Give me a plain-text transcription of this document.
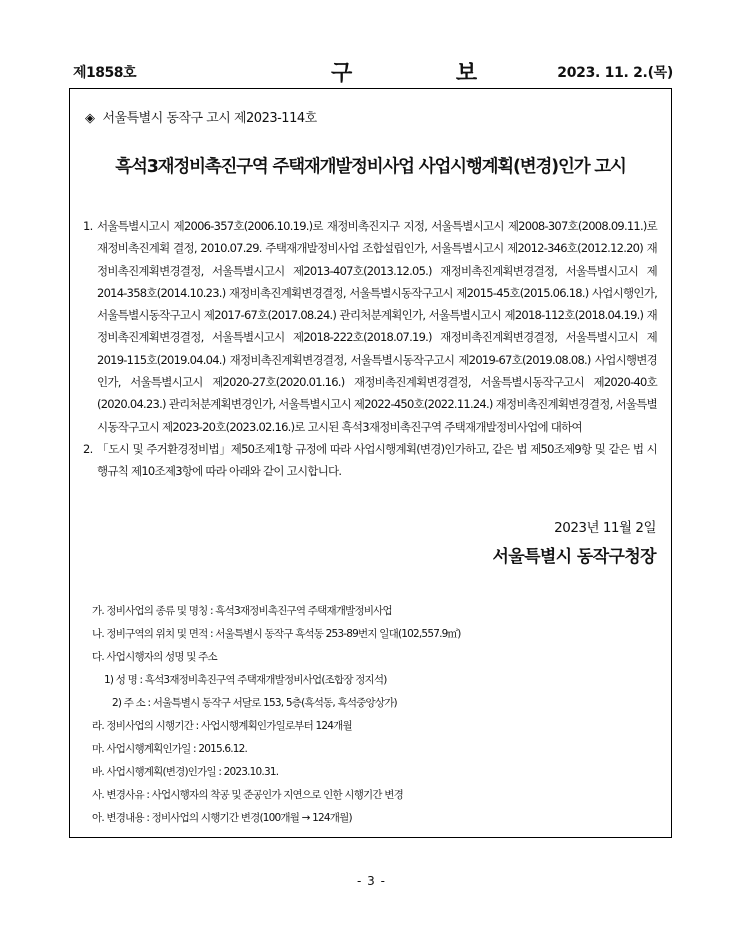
제1858호	구 보 2023. 11. 2.(목)
◈ 서울특별시 동작구 고시 제2023-114호
흑석3재정비촉진구역 주택재개발정비사업 사업시행계획(변경)인가 고시
1. 서울특별시고시 제2006-357호(2006.10.19.)로 재정비촉진지구 지정, 서울특별시고시 제2008-307호(2008.09.11.)로 재정비촉진계획 결정, 2010.07.29. 주택재개발정비사업 조합설립인가, 서울특별시고시 제2012-346호(2012.12.20) 재정비촉진계획변경결정, 서울특별시고시 제2013-407호(2013.12.05.) 재정비촉진계획변경결정, 서울특별시고시 제2014-358호(2014.10.23.) 재정비촉진계획변경결정, 서울특별시동작구고시 제2015-45호(2015.06.18.) 사업시행인가, 서울특별시동작구고시 제2017-67호(2017.08.24.) 관리처분계획인가, 서울특별시고시 제2018-112호(2018.04.19.) 재정비촉진계획변경결정, 서울특별시고시 제2018-222호(2018.07.19.) 재정비촉진계획변경결정, 서울특별시고시 제2019-115호(2019.04.04.) 재정비촉진계획변경결정, 서울특별시동작구고시 제2019-67호(2019.08.08.) 사업시행변경인가, 서울특별시고시 제2020-27호(2020.01.16.) 재정비촉진계획변경결정, 서울특별시동작구고시 제2020-40호(2020.04.23.) 관리처분계획변경인가, 서울특별시고시 제2022-450호(2022.11.24.) 재정비촉진계획변경결정, 서울특별시동작구고시 제2023-20호(2023.02.16.)로 고시된 흑석3재정비촉진구역 주택재개발정비사업에 대하여
2. 「도시 및 주거환경정비법」제50조제1항 규정에 따라 사업시행계획(변경)인가하고, 같은 법 제50조제9항 및 같은 법 시행규칙 제10조제3항에 따라 아래와 같이 고시합니다.
2023년 11월 2일
서울특별시 동작구청장
가. 정비사업의 종류 및 명칭 : 흑석3재정비촉진구역 주택재개발정비사업
나. 정비구역의 위치 및 면적 : 서울특별시 동작구 흑석동 253-89번지 일대(102,557.9㎡)
다. 사업시행자의 성명 및 주소
1) 성 명 : 흑석3재정비촉진구역 주택재개발정비사업(조합장 정지석)
2) 주 소 : 서울특별시 동작구 서달로 153, 5층(흑석동, 흑석중앙상가)
라. 정비사업의 시행기간 : 사업시행계획인가일로부터 124개월
마. 사업시행계획인가일 : 2015.6.12.
바. 사업시행계획(변경)인가일 : 2023.10.31.
사. 변경사유 : 사업시행자의 착공 및 준공인가 지연으로 인한 시행기간 변경
아. 변경내용 : 정비사업의 시행기간 변경(100개월 → 124개월)
- 3 -
